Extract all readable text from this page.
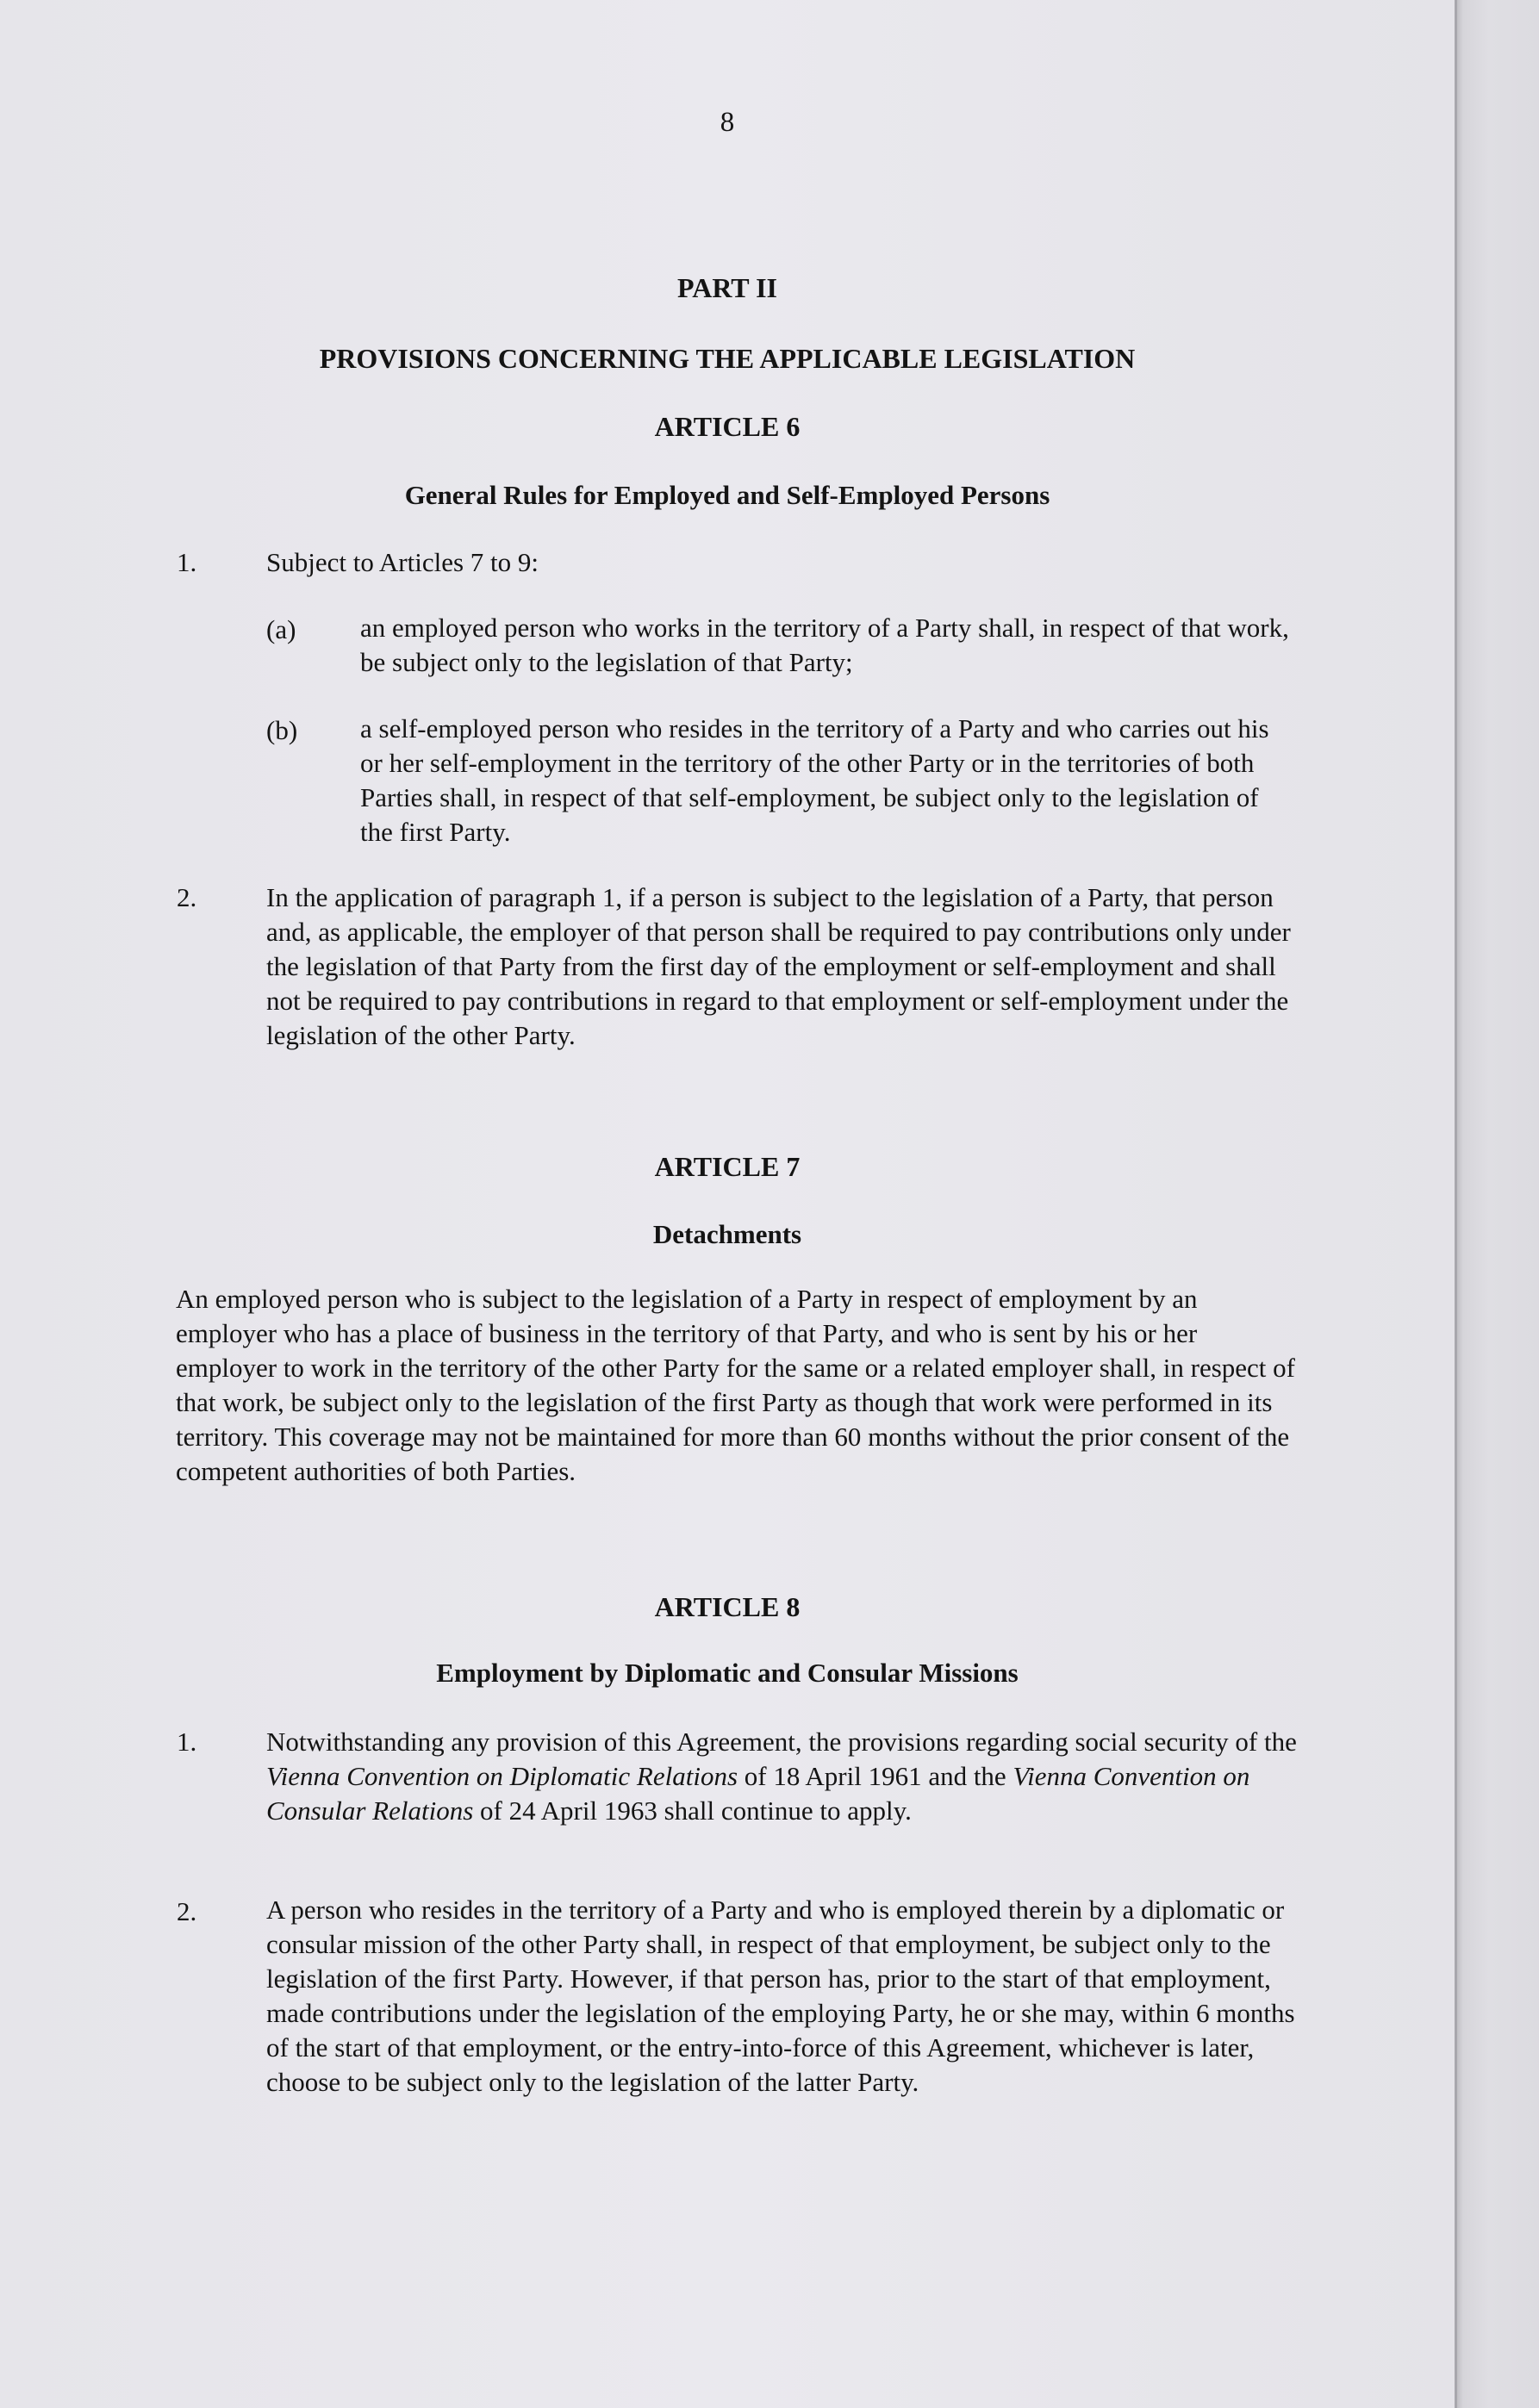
8
PART II
PROVISIONS CONCERNING THE APPLICABLE LEGISLATION
ARTICLE 6
General Rules for Employed and Self-Employed Persons
1.	Subject to Articles 7 to 9:
(a) an employed person who works in the territory of a Party shall, in respect of that work, be subject only to the legislation of that Party;
(b) a self-employed person who resides in the territory of a Party and who carries out his or her self-employment in the territory of the other Party or in the territories of both Parties shall, in respect of that self-employment, be subject only to the legislation of the first Party.
2.	In the application of paragraph 1, if a person is subject to the legislation of a Party, that person and, as applicable, the employer of that person shall be required to pay contributions only under the legislation of that Party from the first day of the employment or self-employment and shall not be required to pay contributions in regard to that employment or self-employment under the legislation of the other Party.
ARTICLE 7
Detachments
An employed person who is subject to the legislation of a Party in respect of employment by an employer who has a place of business in the territory of that Party, and who is sent by his or her employer to work in the territory of the other Party for the same or a related employer shall, in respect of that work, be subject only to the legislation of the first Party as though that work were performed in its territory. This coverage may not be maintained for more than 60 months without the prior consent of the competent authorities of both Parties.
ARTICLE 8
Employment by Diplomatic and Consular Missions
1.	Notwithstanding any provision of this Agreement, the provisions regarding social security of the Vienna Convention on Diplomatic Relations of 18 April 1961 and the Vienna Convention on Consular Relations of 24 April 1963 shall continue to apply.
2.	A person who resides in the territory of a Party and who is employed therein by a diplomatic or consular mission of the other Party shall, in respect of that employment, be subject only to the legislation of the first Party. However, if that person has, prior to the start of that employment, made contributions under the legislation of the employing Party, he or she may, within 6 months of the start of that employment, or the entry-into-force of this Agreement, whichever is later, choose to be subject only to the legislation of the latter Party.
